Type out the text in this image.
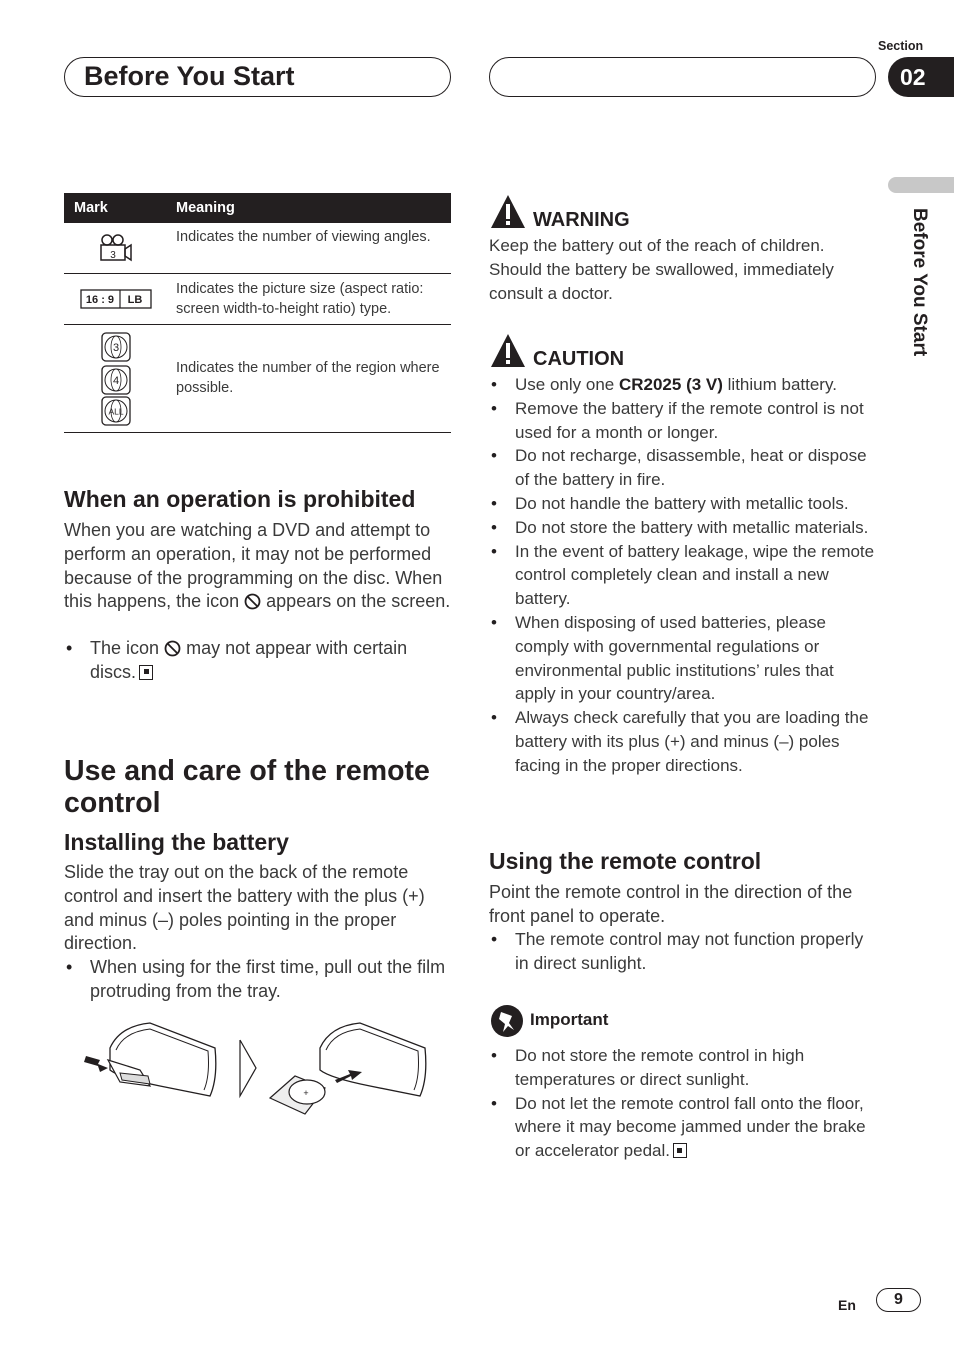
Before You Start
Section
02
Before You Start
Mark	Meaning
3
Indicates the number of viewing angles.
16 : 9 LB
Indicates the picture size (aspect ratio: screen width-to-height ratio) type.
3
4
ALL
Indicates the number of the region where possible.
When an operation is prohibited
When you are watching a DVD and attempt to perform an operation, it may not be performed because of the programming on the disc. When this happens, the icon appears on the screen.
• The icon may not appear with certain discs.
Use and care of the remote control
Installing the battery
Slide the tray out on the back of the remote control and insert the battery with the plus (+) and minus (–) poles pointing in the proper direction.
• When using for the first time, pull out the film protruding from the tray.
+
WARNING
Keep the battery out of the reach of children. Should the battery be swallowed, immediately consult a doctor.
CAUTION
• Use only one CR2025 (3 V) lithium battery.
• Remove the battery if the remote control is not used for a month or longer.
• Do not recharge, disassemble, heat or dispose of the battery in fire.
• Do not handle the battery with metallic tools.
• Do not store the battery with metallic materials.
• In the event of battery leakage, wipe the remote control completely clean and install a new battery.
• When disposing of used batteries, please comply with governmental regulations or environmental public institutions’ rules that apply in your country/area.
• Always check carefully that you are loading the battery with its plus (+) and minus (–) poles facing in the proper directions.
Using the remote control
Point the remote control in the direction of the front panel to operate.
• The remote control may not function properly in direct sunlight.
Important
• Do not store the remote control in high temperatures or direct sunlight.
• Do not let the remote control fall onto the floor, where it may become jammed under the brake or accelerator pedal.
En	9
